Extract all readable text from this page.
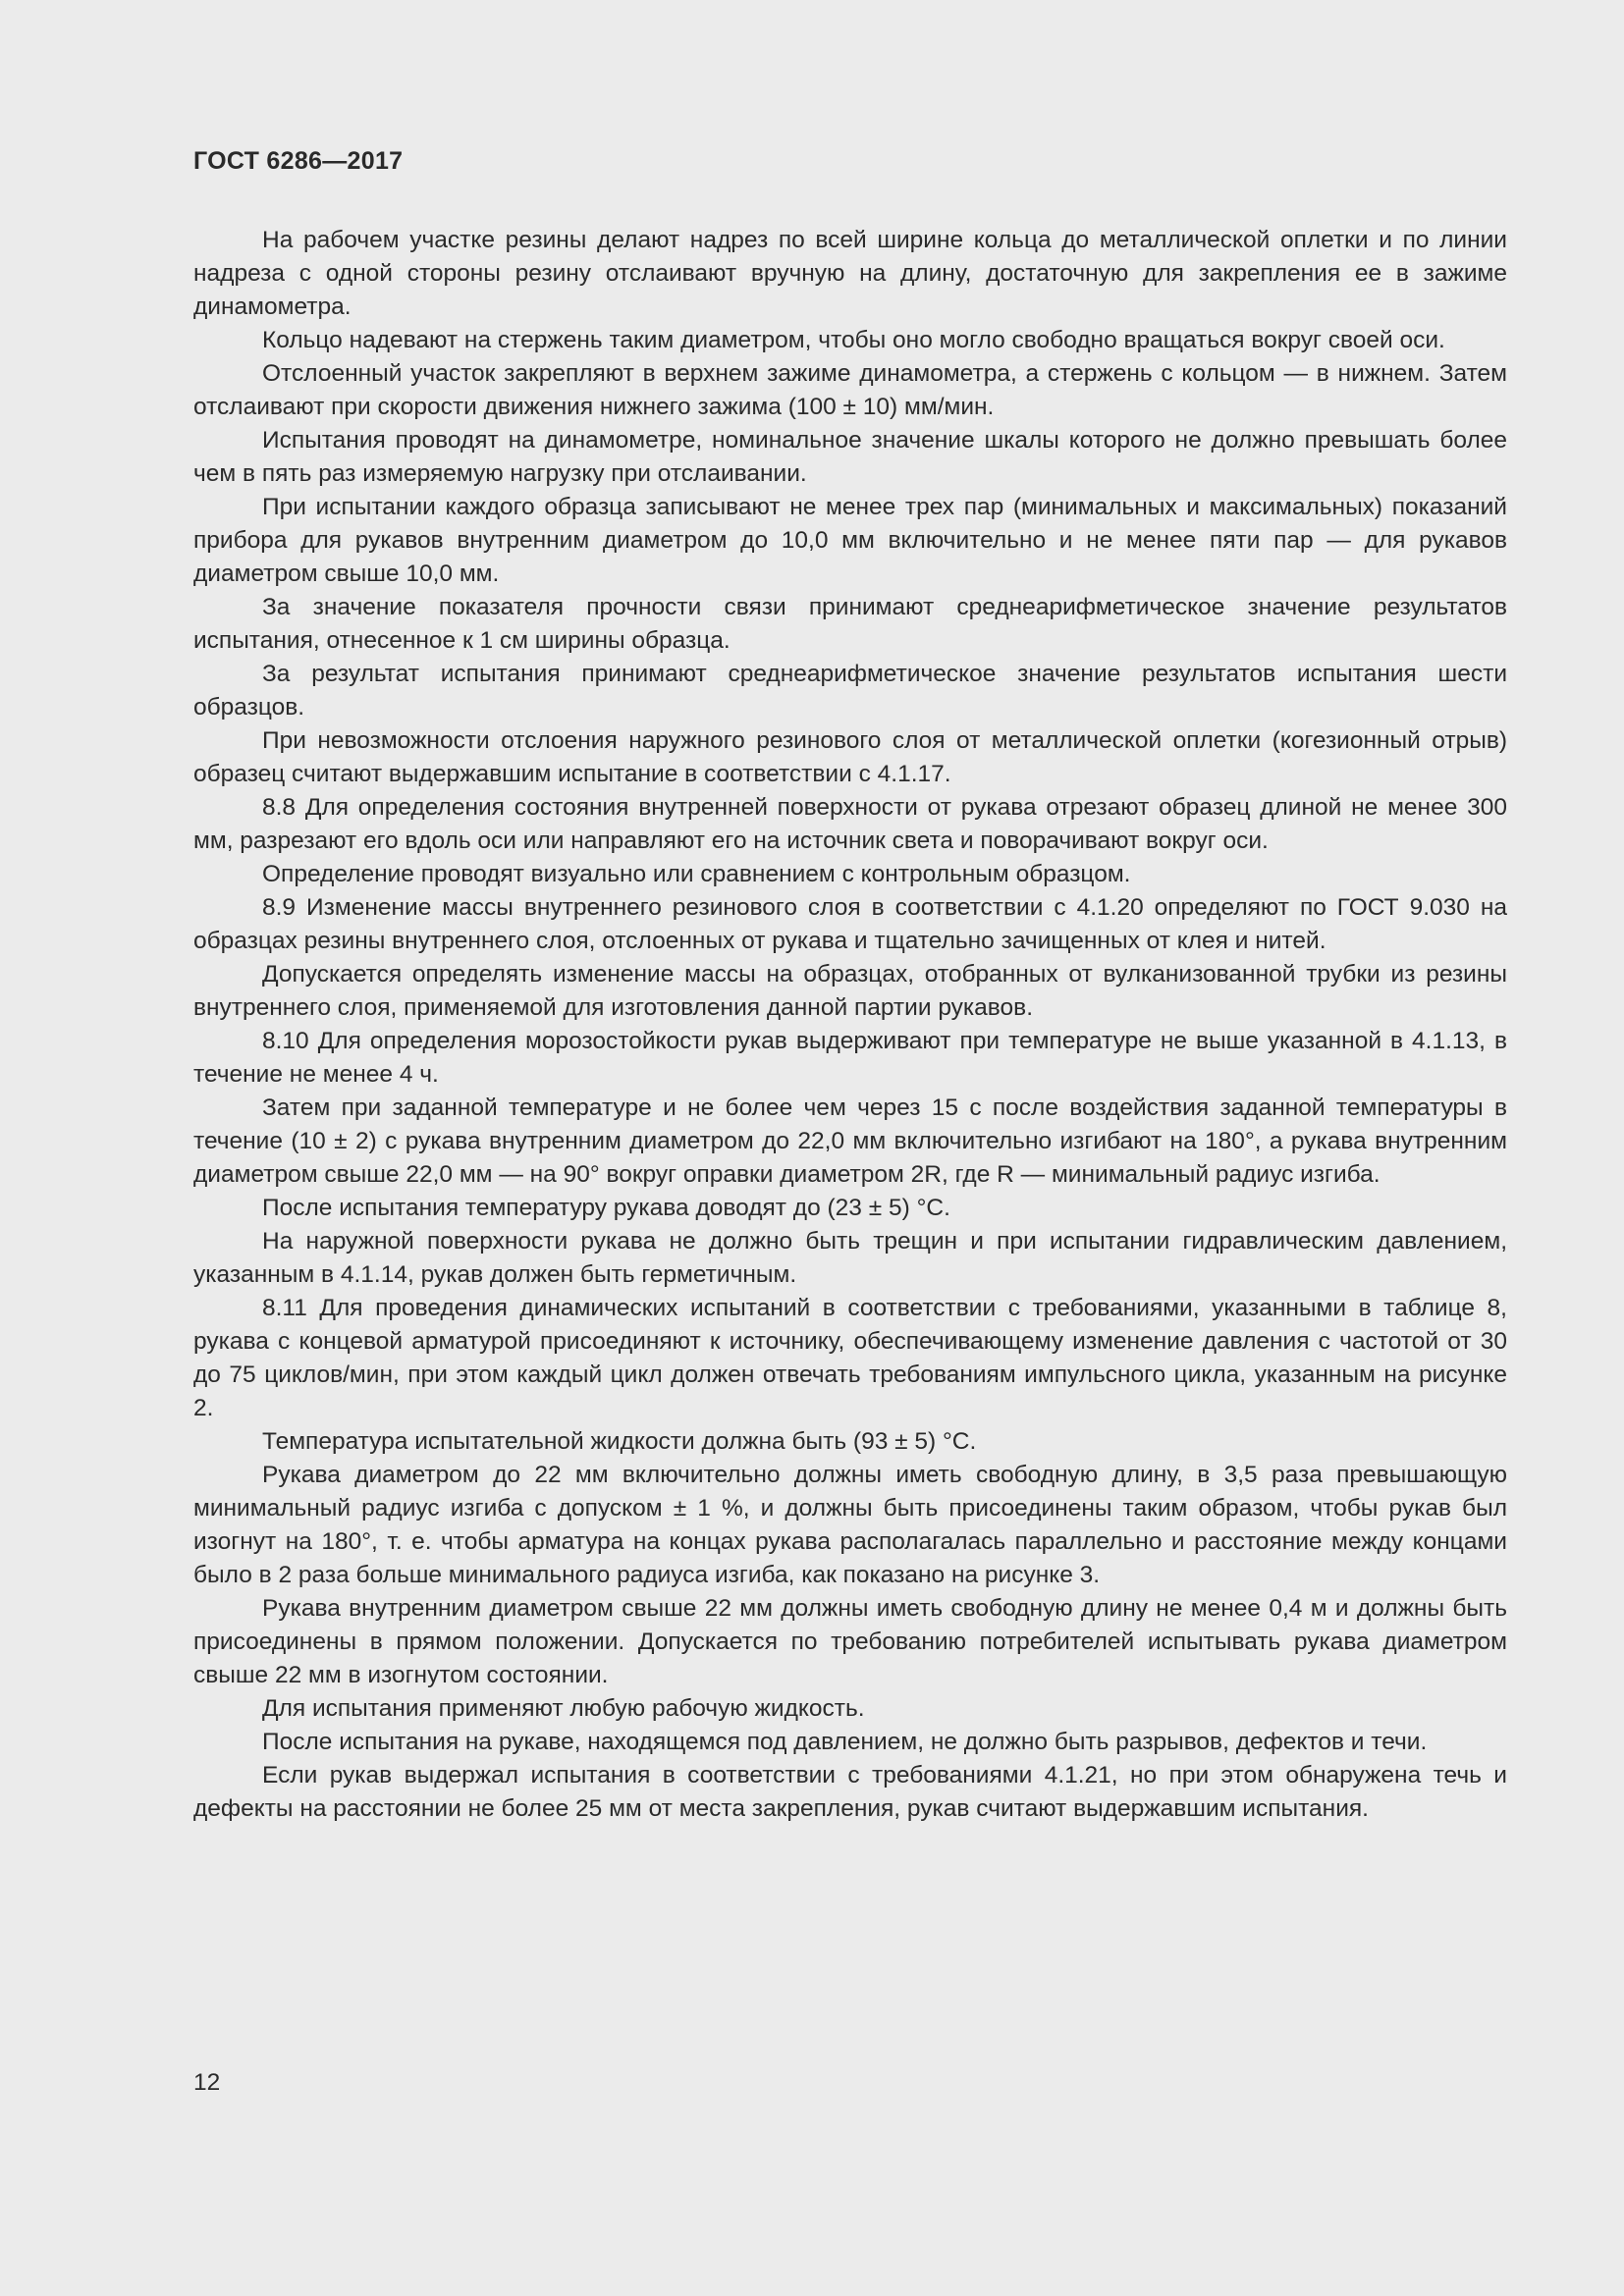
ГОСТ 6286—2017

На рабочем участке резины делают надрез по всей ширине кольца до металлической оплетки и по линии надреза с одной стороны резину отслаивают вручную на длину, достаточную для закрепления ее в зажиме динамометра.

Кольцо надевают на стержень таким диаметром, чтобы оно могло свободно вращаться вокруг своей оси.

Отслоенный участок закрепляют в верхнем зажиме динамометра, а стержень с кольцом — в нижнем. Затем отслаивают при скорости движения нижнего зажима (100 ± 10) мм/мин.

Испытания проводят на динамометре, номинальное значение шкалы которого не должно превышать более чем в пять раз измеряемую нагрузку при отслаивании.

При испытании каждого образца записывают не менее трех пар (минимальных и максимальных) показаний прибора для рукавов внутренним диаметром до 10,0 мм включительно и не менее пяти пар — для рукавов диаметром свыше 10,0 мм.

За значение показателя прочности связи принимают среднеарифметическое значение результатов испытания, отнесенное к 1 см ширины образца.

За результат испытания принимают среднеарифметическое значение результатов испытания шести образцов.

При невозможности отслоения наружного резинового слоя от металлической оплетки (когезионный отрыв) образец считают выдержавшим испытание в соответствии с 4.1.17.

8.8 Для определения состояния внутренней поверхности от рукава отрезают образец длиной не менее 300 мм, разрезают его вдоль оси или направляют его на источник света и поворачивают вокруг оси.

Определение проводят визуально или сравнением с контрольным образцом.

8.9 Изменение массы внутреннего резинового слоя в соответствии с 4.1.20 определяют по ГОСТ 9.030 на образцах резины внутреннего слоя, отслоенных от рукава и тщательно зачищенных от клея и нитей.

Допускается определять изменение массы на образцах, отобранных от вулканизованной трубки из резины внутреннего слоя, применяемой для изготовления данной партии рукавов.

8.10 Для определения морозостойкости рукав выдерживают при температуре не выше указанной в 4.1.13, в течение не менее 4 ч.

Затем при заданной температуре и не более чем через 15 с после воздействия заданной температуры в течение (10 ± 2) с рукава внутренним диаметром до 22,0 мм включительно изгибают на 180°, а рукава внутренним диаметром свыше 22,0 мм — на 90° вокруг оправки диаметром 2R, где R — минимальный радиус изгиба.

После испытания температуру рукава доводят до (23 ± 5) °С.

На наружной поверхности рукава не должно быть трещин и при испытании гидравлическим давлением, указанным в 4.1.14, рукав должен быть герметичным.

8.11 Для проведения динамических испытаний в соответствии с требованиями, указанными в таблице 8, рукава с концевой арматурой присоединяют к источнику, обеспечивающему изменение давления с частотой от 30 до 75 циклов/мин, при этом каждый цикл должен отвечать требованиям импульсного цикла, указанным на рисунке 2.

Температура испытательной жидкости должна быть (93 ± 5) °С.

Рукава диаметром до 22 мм включительно должны иметь свободную длину, в 3,5 раза превышающую минимальный радиус изгиба с допуском ± 1 %, и должны быть присоединены таким образом, чтобы рукав был изогнут на 180°, т. е. чтобы арматура на концах рукава располагалась параллельно и расстояние между концами было в 2 раза больше минимального радиуса изгиба, как показано на рисунке 3.

Рукава внутренним диаметром свыше 22 мм должны иметь свободную длину не менее 0,4 м и должны быть присоединены в прямом положении. Допускается по требованию потребителей испытывать рукава диаметром свыше 22 мм в изогнутом состоянии.

Для испытания применяют любую рабочую жидкость.

После испытания на рукаве, находящемся под давлением, не должно быть разрывов, дефектов и течи.

Если рукав выдержал испытания в соответствии с требованиями 4.1.21, но при этом обнаружена течь и дефекты на расстоянии не более 25 мм от места закрепления, рукав считают выдержавшим испытания.

12
